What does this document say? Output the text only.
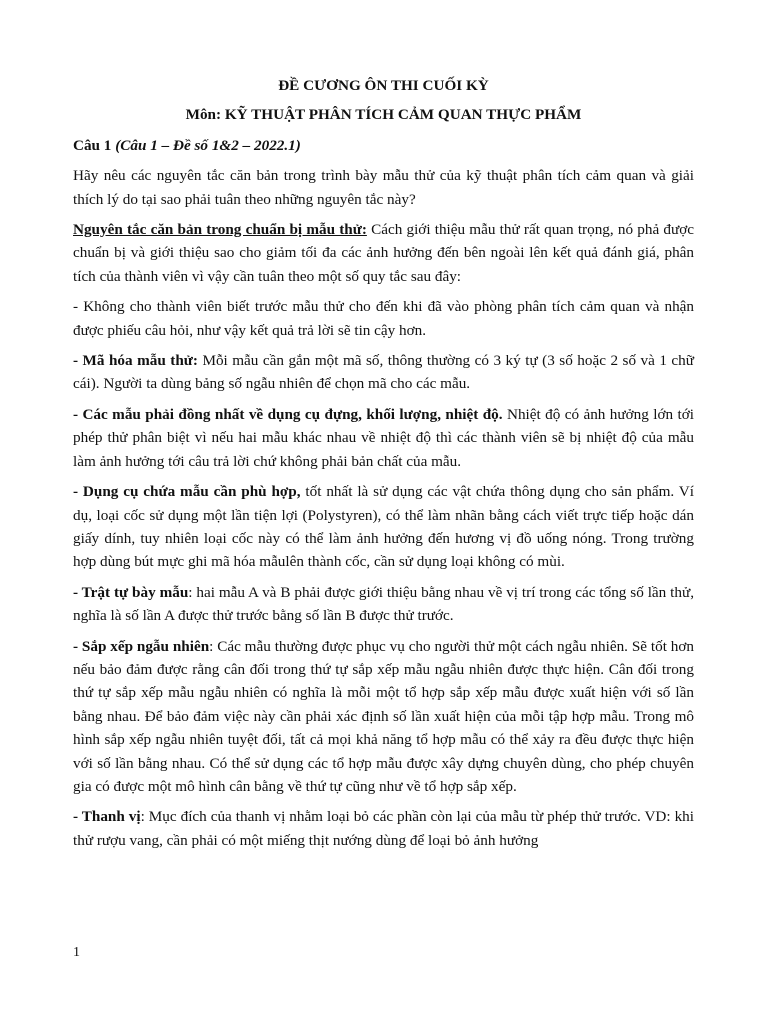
ĐỀ CƯƠNG ÔN THI CUỐI KỲ
Môn: KỸ THUẬT PHÂN TÍCH CẢM QUAN THỰC PHẨM
Câu 1 (Câu 1 – Đề số 1&2 – 2022.1)

Hãy nêu các nguyên tắc căn bản trong trình bày mẫu thử của kỹ thuật phân tích cảm quan và giải thích lý do tại sao phải tuân theo những nguyên tắc này?

Nguyên tắc căn bản trong chuẩn bị mẫu thử: Cách giới thiệu mẫu thử rất quan trọng, nó phả được chuẩn bị và giới thiệu sao cho giảm tối đa các ảnh hưởng đến bên ngoài lên kết quả đánh giá, phân tích của thành viên vì vậy cần tuân theo một số quy tắc sau đây:

- Không cho thành viên biết trước mẫu thử cho đến khi đã vào phòng phân tích cảm quan và nhận được phiếu câu hỏi, như vậy kết quả trả lời sẽ tin cậy hơn.

- Mã hóa mẫu thử: Mỗi mẫu cần gắn một mã số, thông thường có 3 ký tự (3 số hoặc 2 số và 1 chữ cái). Người ta dùng bảng số ngẫu nhiên để chọn mã cho các mẫu.

- Các mẫu phải đồng nhất về dụng cụ đựng, khối lượng, nhiệt độ. Nhiệt độ có ảnh hưởng lớn tới phép thử phân biệt vì nếu hai mẫu khác nhau về nhiệt độ thì các thành viên sẽ bị nhiệt độ của mẫu làm ảnh hưởng tới câu trả lời chứ không phải bản chất của mẫu.

- Dụng cụ chứa mẫu cần phù hợp, tốt nhất là sử dụng các vật chứa thông dụng cho sản phẩm. Ví dụ, loại cốc sử dụng một lần tiện lợi (Polystyren), có thể làm nhãn bằng cách viết trực tiếp hoặc dán giấy dính, tuy nhiên loại cốc này có thể làm ảnh hưởng đến hương vị đồ uống nóng. Trong trường hợp dùng bút mực ghi mã hóa mẫulên thành cốc, cần sử dụng loại không có mùi.

- Trật tự bày mẫu: hai mẫu A và B phải được giới thiệu bằng nhau về vị trí trong các tổng số lần thử, nghĩa là số lần A được thử trước bằng số lần B được thử trước.

- Sắp xếp ngẫu nhiên: Các mẫu thường được phục vụ cho người thử một cách ngẫu nhiên. Sẽ tốt hơn nếu bảo đảm được rằng cân đối trong thứ tự sắp xếp mẫu ngẫu nhiên được thực hiện. Cân đối trong thứ tự sắp xếp mẫu ngẫu nhiên có nghĩa là mỗi một tổ hợp sắp xếp mẫu được xuất hiện với số lần bằng nhau. Để bảo đảm việc này cần phải xác định số lần xuất hiện của mỗi tập hợp mẫu. Trong mô hình sắp xếp ngẫu nhiên tuyệt đối, tất cả mọi khả năng tổ hợp mẫu có thể xảy ra đều được thực hiện với số lần bằng nhau. Có thể sử dụng các tổ hợp mẫu được xây dựng chuyên dùng, cho phép chuyên gia có được một mô hình cân bằng về thứ tự cũng như về tổ hợp sắp xếp.

- Thanh vị: Mục đích của thanh vị nhằm loại bỏ các phần còn lại của mẫu từ phép thử trước. VD: khi thử rượu vang, cần phải có một miếng thịt nướng dùng để loại bỏ ảnh hưởng

1
